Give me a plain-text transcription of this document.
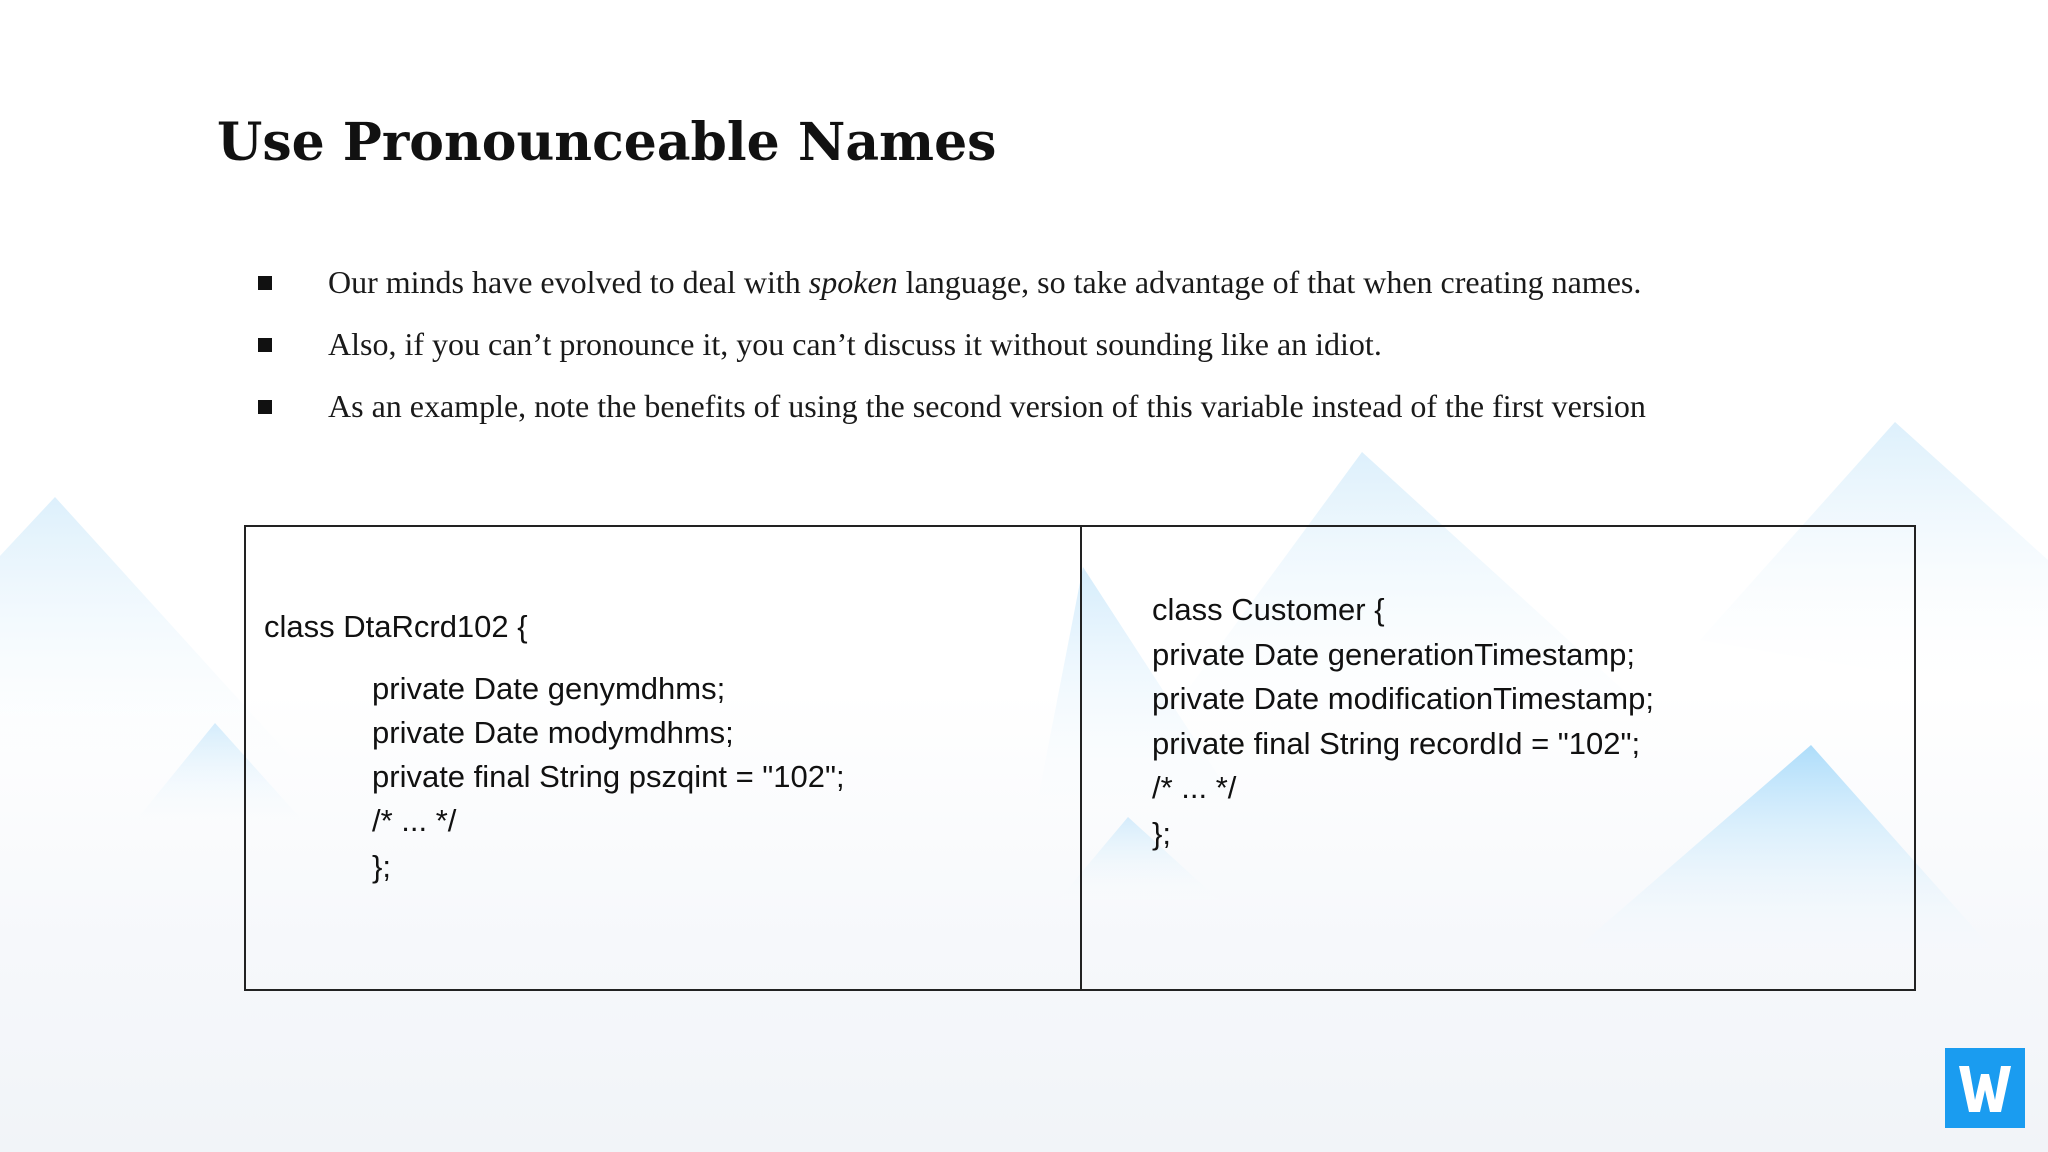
Use Pronounceable Names
Our minds have evolved to deal with spoken language, so take advantage of that when creating names.
Also, if you can’t pronounce it, you can’t discuss it without sounding like an idiot.
As an example, note the benefits of using the second version of this variable instead of the first version
class DtaRcrd102 {
private Date genymdhms;
private Date modymdhms;
private final String pszqint = "102";
/* ... */
};
class Customer {
private Date generationTimestamp;
private Date modificationTimestamp;
private final String recordId = "102";
/* ... */
};
